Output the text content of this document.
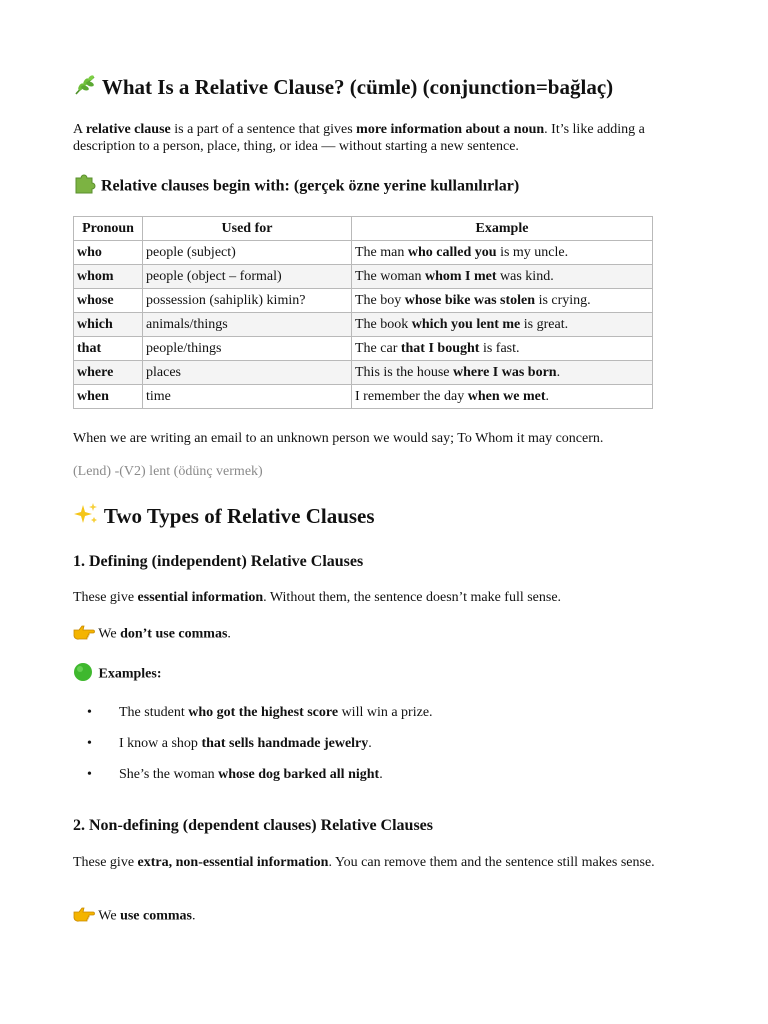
What Is a Relative Clause? (cümle) (conjunction=bağlaç)

A relative clause is a part of a sentence that gives more information about a noun. It’s like adding a description to a person, place, thing, or idea — without starting a new sentence.

Relative clauses begin with: (gerçek özne yerine kullanılırlar)
Pronoun	Used for	Example
who	people (subject)	The man who called you is my uncle.
whom	people (object – formal)	The woman whom I met was kind.
whose	possession (sahiplik) kimin?	The boy whose bike was stolen is crying.
which	animals/things	The book which you lent me is great.
that	people/things	The car that I bought is fast.
where	places	This is the house where I was born.
when	time	I remember the day when we met.

When we are writing an email to an unknown person we would say; To Whom it may concern.

(Lend) -(V2) lent (ödünç vermek)

Two Types of Relative Clauses
1. Defining (independent) Relative Clauses

These give essential information. Without them, the sentence doesn’t make full sense.

We don’t use commas.

Examples:

• The student who got the highest score will win a prize.
• I know a shop that sells handmade jewelry.
• She’s the woman whose dog barked all night.
2. Non-defining (dependent clauses) Relative Clauses

These give extra, non-essential information. You can remove them and the sentence still makes sense.

We use commas.
